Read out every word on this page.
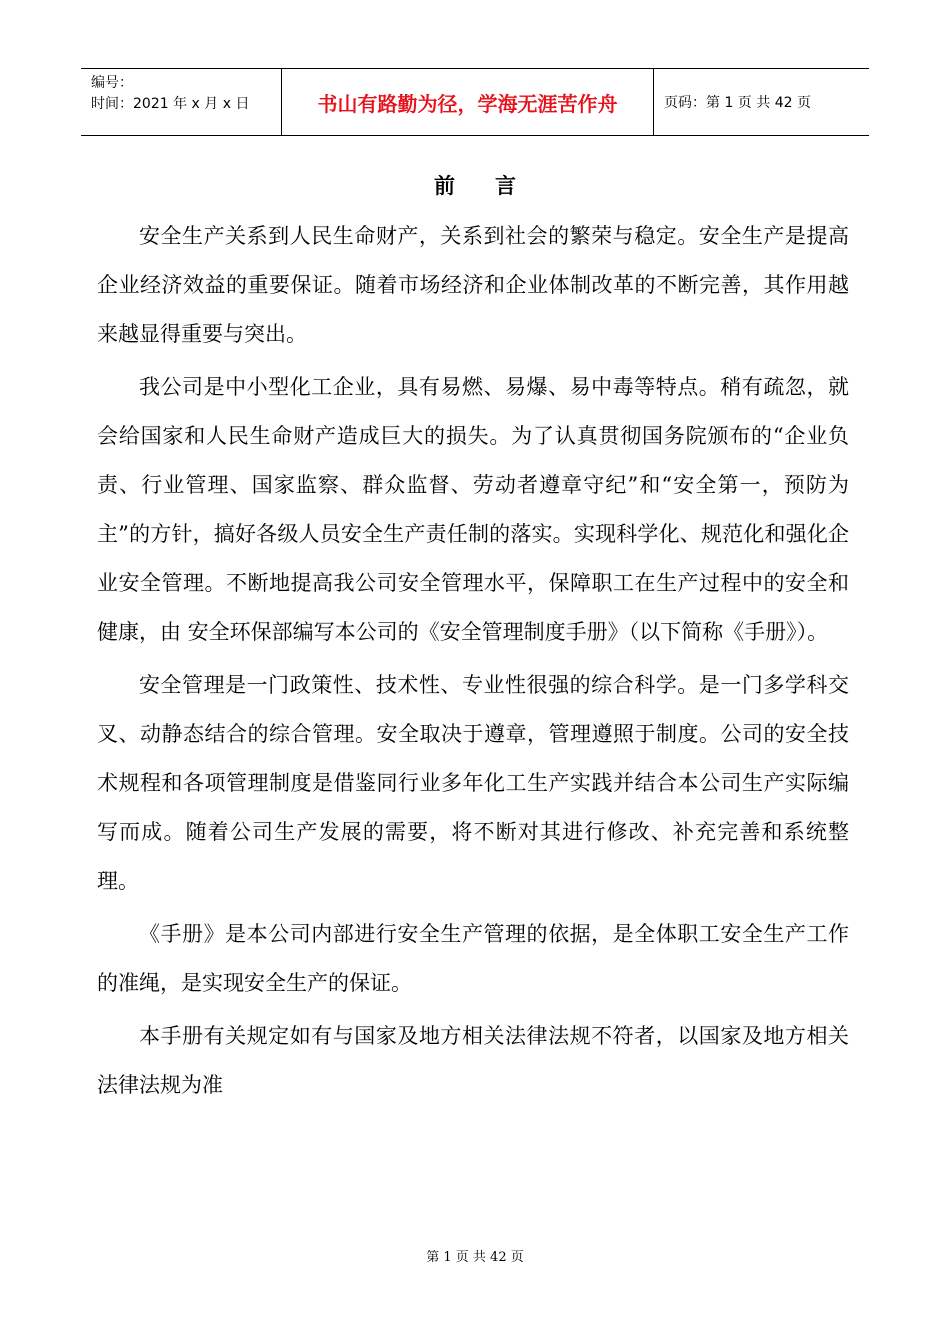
编号：
时间：2021 年 x 月 x 日	书山有路勤为径，学海无涯苦作舟	页码：第 1 页 共 42 页
前言

安全生产关系到人民生命财产，关系到社会的繁荣与稳定。安全生产是提高企业经济效益的重要保证。随着市场经济和企业体制改革的不断完善，其作用越来越显得重要与突出。

我公司是中小型化工企业，具有易燃、易爆、易中毒等特点。稍有疏忽，就会给国家和人民生命财产造成巨大的损失。为了认真贯彻国务院颁布的“企业负责、行业管理、国家监察、群众监督、劳动者遵章守纪”和“安全第一，预防为主”的方针，搞好各级人员安全生产责任制的落实。实现科学化、规范化和强化企业安全管理。不断地提高我公司安全管理水平，保障职工在生产过程中的安全和健康，由 安全环保部编写本公司的《安全管理制度手册》（以下简称《手册》）。

安全管理是一门政策性、技术性、专业性很强的综合科学。是一门多学科交叉、动静态结合的综合管理。安全取决于遵章，管理遵照于制度。公司的安全技术规程和各项管理制度是借鉴同行业多年化工生产实践并结合本公司生产实际编写而成。随着公司生产发展的需要，将不断对其进行修改、补充完善和系统整理。

《手册》是本公司内部进行安全生产管理的依据，是全体职工安全生产工作的准绳，是实现安全生产的保证。

本手册有关规定如有与国家及地方相关法律法规不符者，以国家及地方相关法律法规为准

第 1 页 共 42 页
